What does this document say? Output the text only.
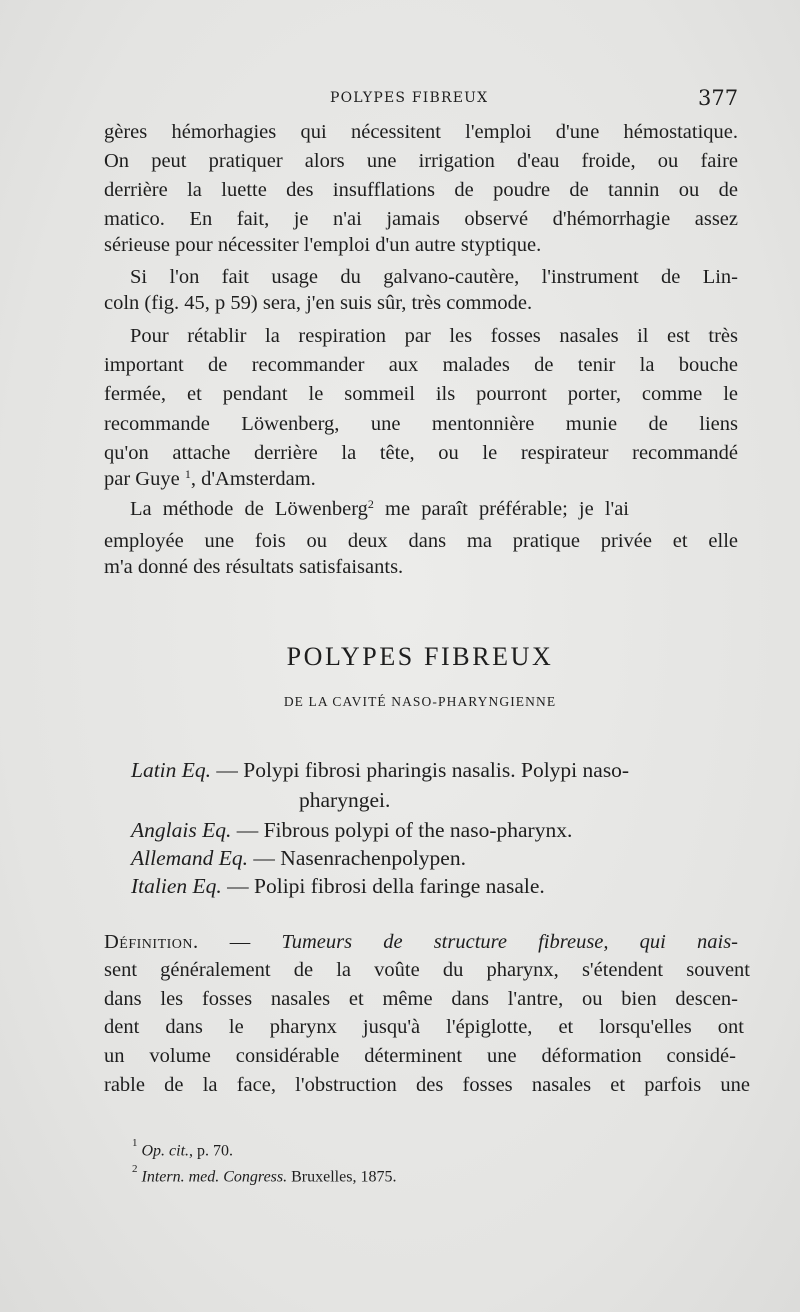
POLYPES FIBREUX	377
gères hémorhagies qui nécessitent l'emploi d'une hémostatique.
On peut pratiquer alors une irrigation d'eau froide, ou faire
derrière la luette des insufflations de poudre de tannin ou de
matico. En fait, je n'ai jamais observé d'hémorrhagie assez
sérieuse pour nécessiter l'emploi d'un autre styptique.
Si l'on fait usage du galvano-cautère, l'instrument de Lin-
coln (fig. 45, p 59) sera, j'en suis sûr, très commode.
Pour rétablir la respiration par les fosses nasales il est très
important de recommander aux malades de tenir la bouche
fermée, et pendant le sommeil ils pourront porter, comme le
recommande Löwenberg, une mentonnière munie de liens
qu'on attache derrière la tête, ou le respirateur recommandé
par Guye $^1$, d'Amsterdam.
La méthode de Löwenberg$^2$ me paraît préférable; je l'ai
employée une fois ou deux dans ma pratique privée et elle
m'a donné des résultats satisfaisants.
POLYPES FIBREUX
DE LA CAVITÉ NASO-PHARYNGIENNE
Latin Eq. — Polypi fibrosi pharingis nasalis. Polypi naso-
pharyngei.
Anglais Eq. — Fibrous polypi of the naso-pharynx.
Allemand Eq. — Nasenrachenpolypen.
Italien Eq. — Polipi fibrosi della faringe nasale.
Définition. — Tumeurs de structure fibreuse, qui nais-
sent généralement de la voûte du pharynx, s'étendent souvent
dans les fosses nasales et même dans l'antre, ou bien descen-
dent dans le pharynx jusqu'à l'épiglotte, et lorsqu'elles ont
un volume considérable déterminent une déformation considé-
rable de la face, l'obstruction des fosses nasales et parfois une
$^1$ Op. cit., p. 70.
$^2$ Intern. med. Congress. Bruxelles, 1875.
